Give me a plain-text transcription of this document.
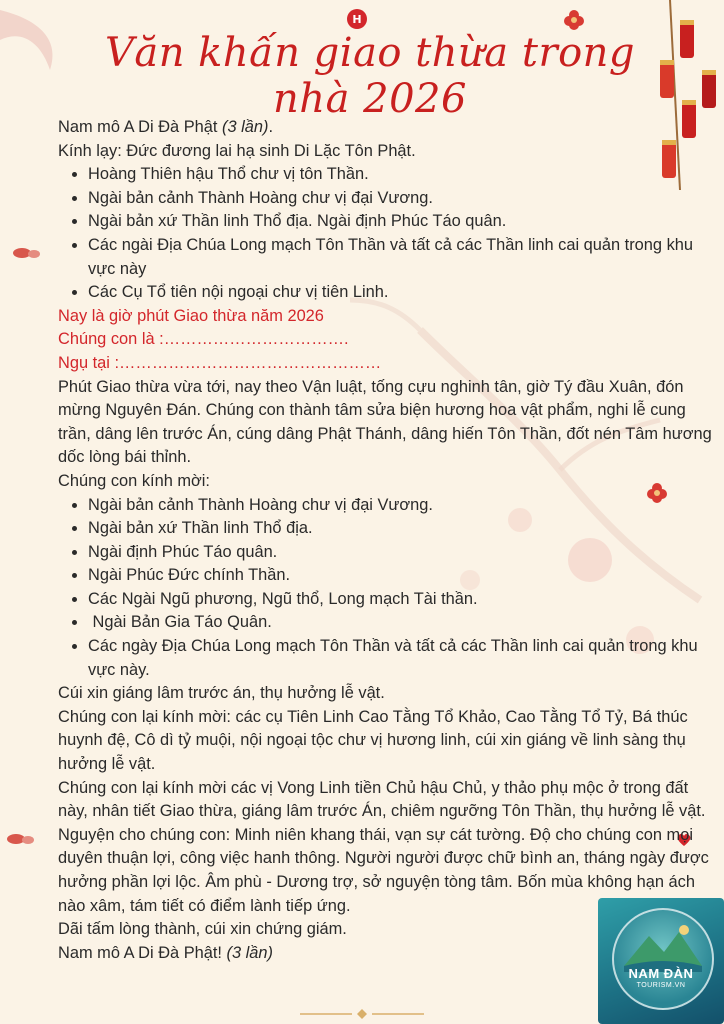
H
Văn khấn giao thừa trong nhà 2026

Nam mô A Di Đà Phật (3 lần).

Kính lạy: Đức đương lai hạ sinh Di Lặc Tôn Phật.

• Hoàng Thiên hậu Thổ chư vị tôn Thần.
• Ngài bản cảnh Thành Hoàng chư vị đại Vương.
• Ngài bản xứ Thần linh Thổ địa. Ngài định Phúc Táo quân.
• Các ngài Địa Chúa Long mạch Tôn Thần và tất cả các Thần linh cai quản trong khu vực này
• Các Cụ Tổ tiên nội ngoại chư vị tiên Linh.

Nay là giờ phút Giao thừa năm 2026

Chúng con là :…………………………….

Ngụ tại :…………………………………………

Phút Giao thừa vừa tới, nay theo Vận luật, tống cựu nghinh tân, giờ Tý đầu Xuân, đón mừng Nguyên Đán. Chúng con thành tâm sửa biện hương hoa vật phẩm, nghi lễ cung trần, dâng lên trước Án, cúng dâng Phật Thánh, dâng hiến Tôn Thần, đốt nén Tâm hương dốc lòng bái thỉnh.

Chúng con kính mời:

• Ngài bản cảnh Thành Hoàng chư vị đại Vương.
• Ngài bản xứ Thần linh Thổ địa.
• Ngài định Phúc Táo quân.
• Ngài Phúc Đức chính Thần.
• Các Ngài Ngũ phương, Ngũ thổ, Long mạch Tài thần.
•  Ngài Bản Gia Táo Quân.
• Các ngày Địa Chúa Long mạch Tôn Thần và tất cả các Thần linh cai quản trong khu vực này.

Cúi xin giáng lâm trước án, thụ hưởng lễ vật.

Chúng con lại kính mời: các cụ Tiên Linh Cao Tằng Tổ Khảo, Cao Tằng Tổ Tỷ, Bá thúc huynh đệ, Cô dì tỷ muội, nội ngoại tộc chư vị hương linh, cúi xin giáng về linh sàng thụ hưởng lễ vật.

Chúng con lại kính mời các vị Vong Linh tiền Chủ hậu Chủ, y thảo phụ mộc ở trong đất này, nhân tiết Giao thừa, giáng lâm trước Án, chiêm ngưỡng Tôn Thần, thụ hưởng lễ vật.

Nguyện cho chúng con: Minh niên khang thái, vạn sự cát tường. Độ cho chúng con mọi duyên thuận lợi, công việc hanh thông. Người người được chữ bình an, tháng ngày được hưởng phần lợi lộc. Âm phù - Dương trợ, sở nguyện tòng tâm. Bốn mùa không hạn ách nào xâm, tám tiết có điểm lành tiếp ứng.

Dãi tấm lòng thành, cúi xin chứng giám.

Nam mô A Di Đà Phật! (3 lần)

NAM ĐÀN
TOURISM.VN
